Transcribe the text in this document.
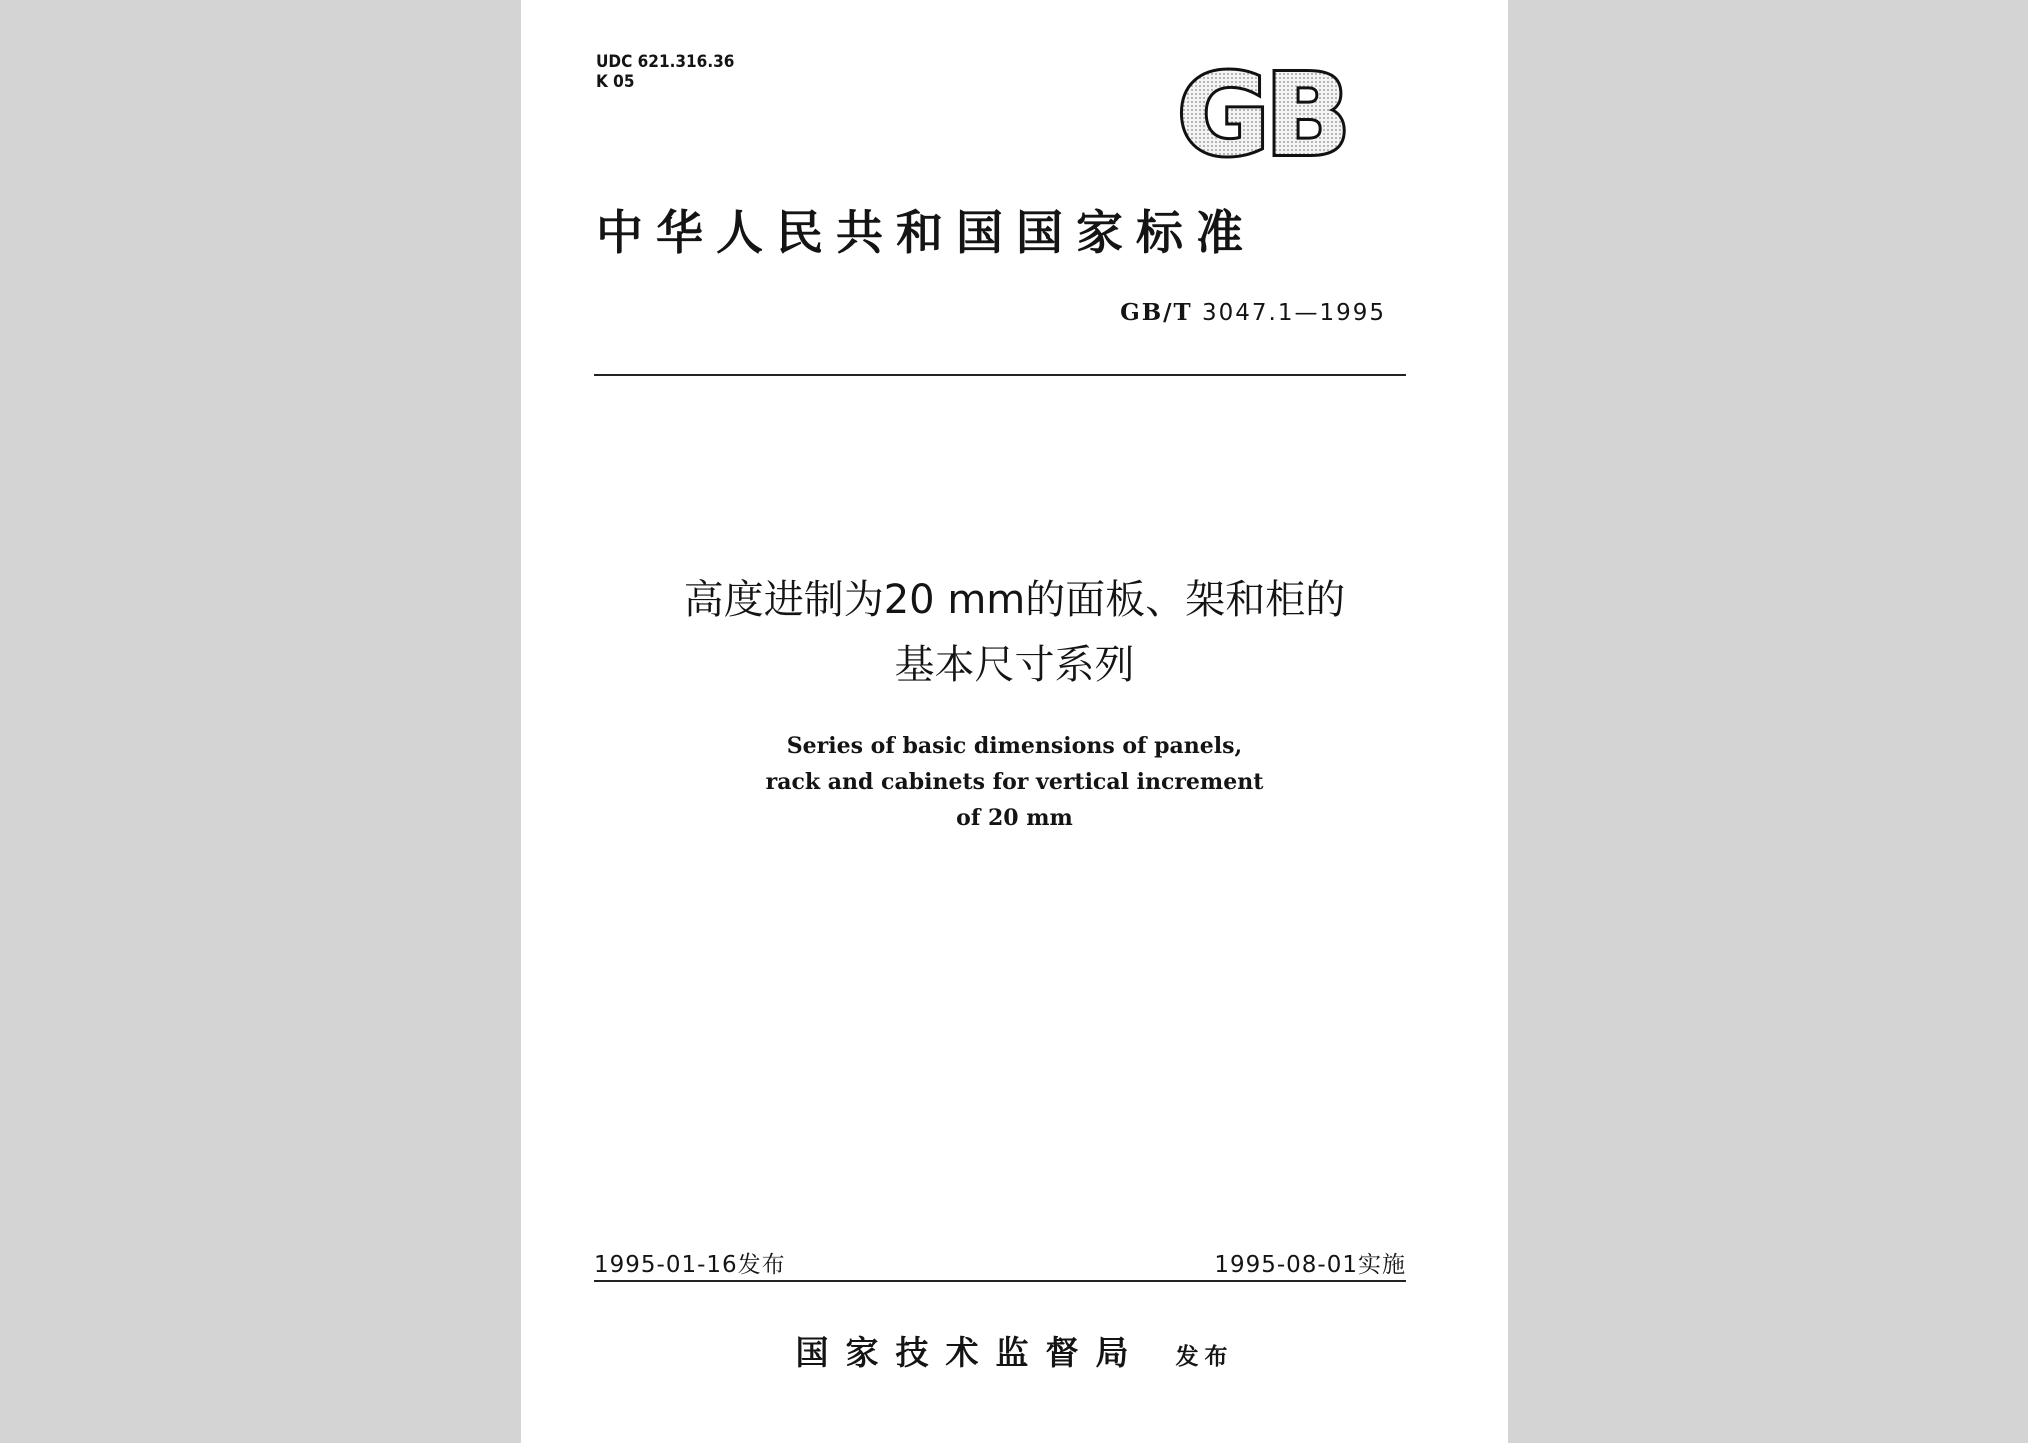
UDC 621.316.36
K 05	GB
中华人民共和国国家标准
GB/T 3047.1—1995
高度进制为20 mm的面板、架和柜的
基本尺寸系列
Series of basic dimensions of panels,
rack and cabinets for vertical increment
of 20 mm
1995-01-16发布	1995-08-01实施
国家技术监督局 发布
